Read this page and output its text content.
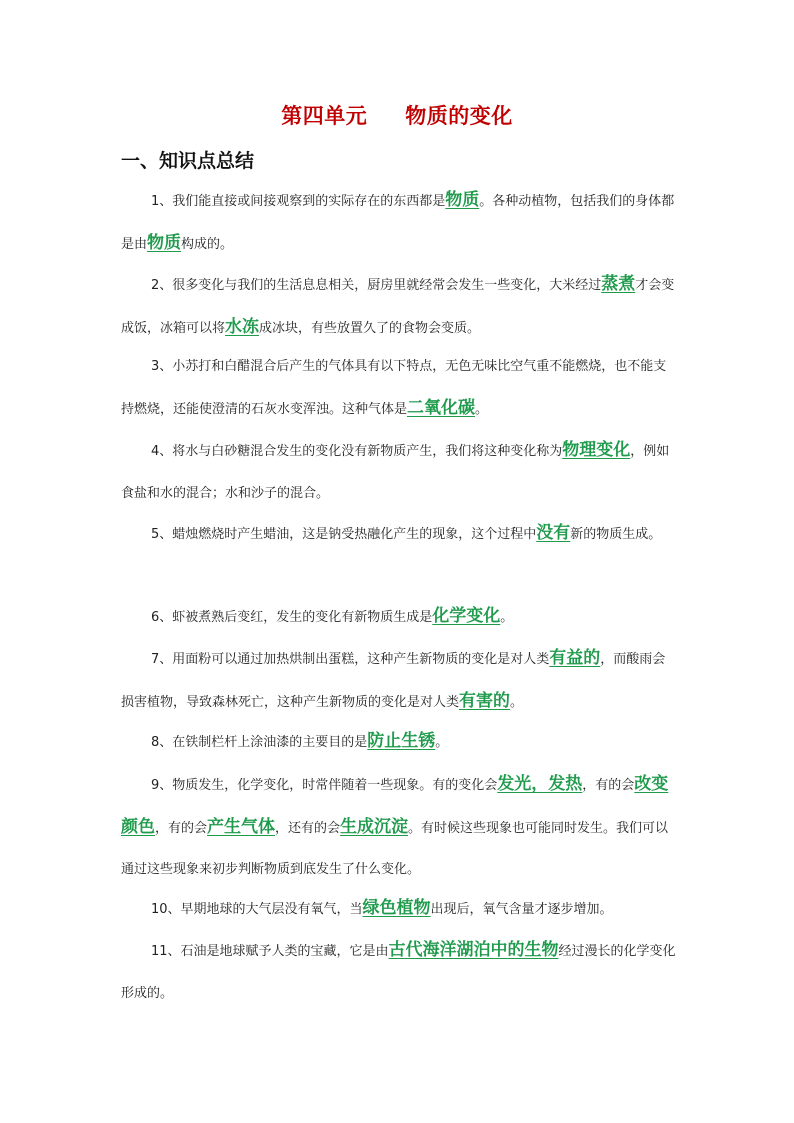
第四单元 物质的变化
一、知识点总结

1、我们能直接或间接观察到的实际存在的东西都是物质。各种动植物，包括我们的身体都是由物质构成的。

2、很多变化与我们的生活息息相关，厨房里就经常会发生一些变化，大米经过蒸煮才会变成饭，冰箱可以将水冻成冰块，有些放置久了的食物会变质。

3、小苏打和白醋混合后产生的气体具有以下特点，无色无味比空气重不能燃烧，也不能支持燃烧，还能使澄清的石灰水变浑浊。这种气体是二氧化碳。

4、将水与白砂糖混合发生的变化没有新物质产生，我们将这种变化称为物理变化，例如食盐和水的混合；水和沙子的混合。

5、蜡烛燃烧时产生蜡油，这是钠受热融化产生的现象，这个过程中没有新的物质生成。

6、虾被煮熟后变红，发生的变化有新物质生成是化学变化。

7、用面粉可以通过加热烘制出蛋糕，这种产生新物质的变化是对人类有益的，而酸雨会损害植物，导致森林死亡，这种产生新物质的变化是对人类有害的。

8、在铁制栏杆上涂油漆的主要目的是防止生锈。

9、物质发生，化学变化，时常伴随着一些现象。有的变化会发光，发热，有的会改变颜色，有的会产生气体，还有的会生成沉淀。有时候这些现象也可能同时发生。我们可以通过这些现象来初步判断物质到底发生了什么变化。

10、早期地球的大气层没有氧气，当绿色植物出现后，氧气含量才逐步增加。

11、石油是地球赋予人类的宝藏，它是由古代海洋湖泊中的生物经过漫长的化学变化形成的。
